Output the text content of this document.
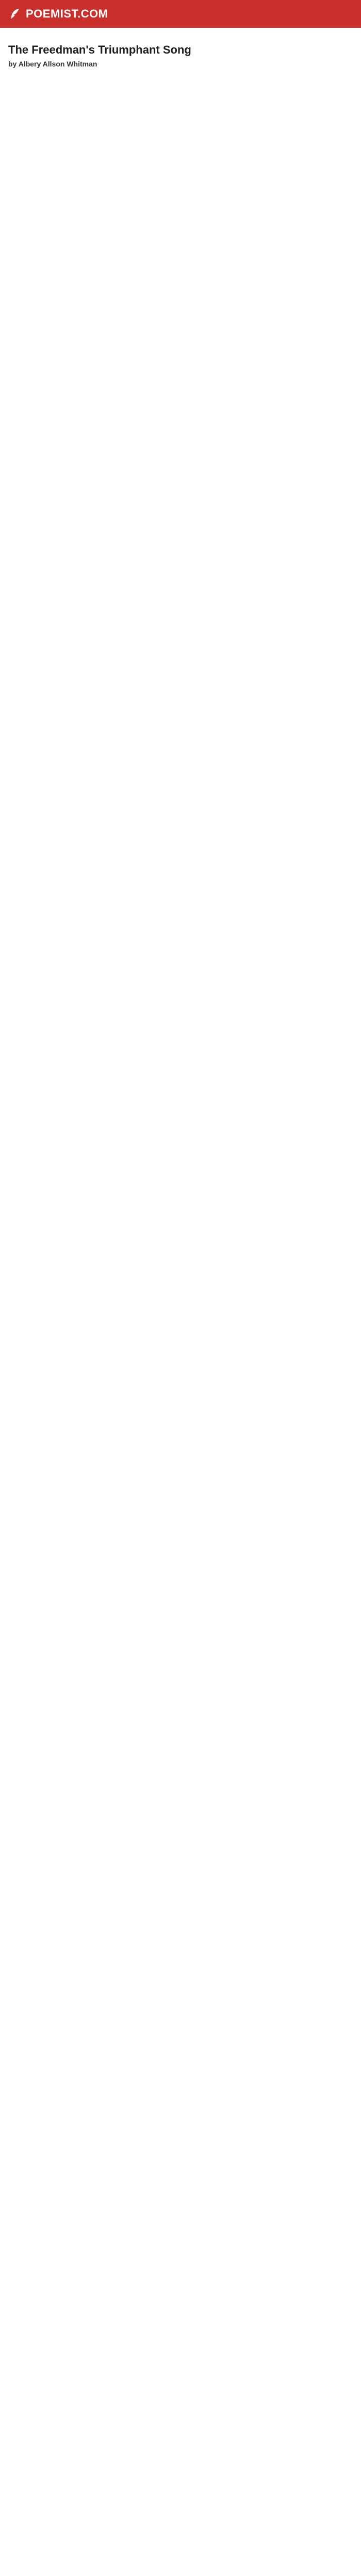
POEMIST.COM
The Freedman's Triumphant Song
by Albery Allson Whitman
